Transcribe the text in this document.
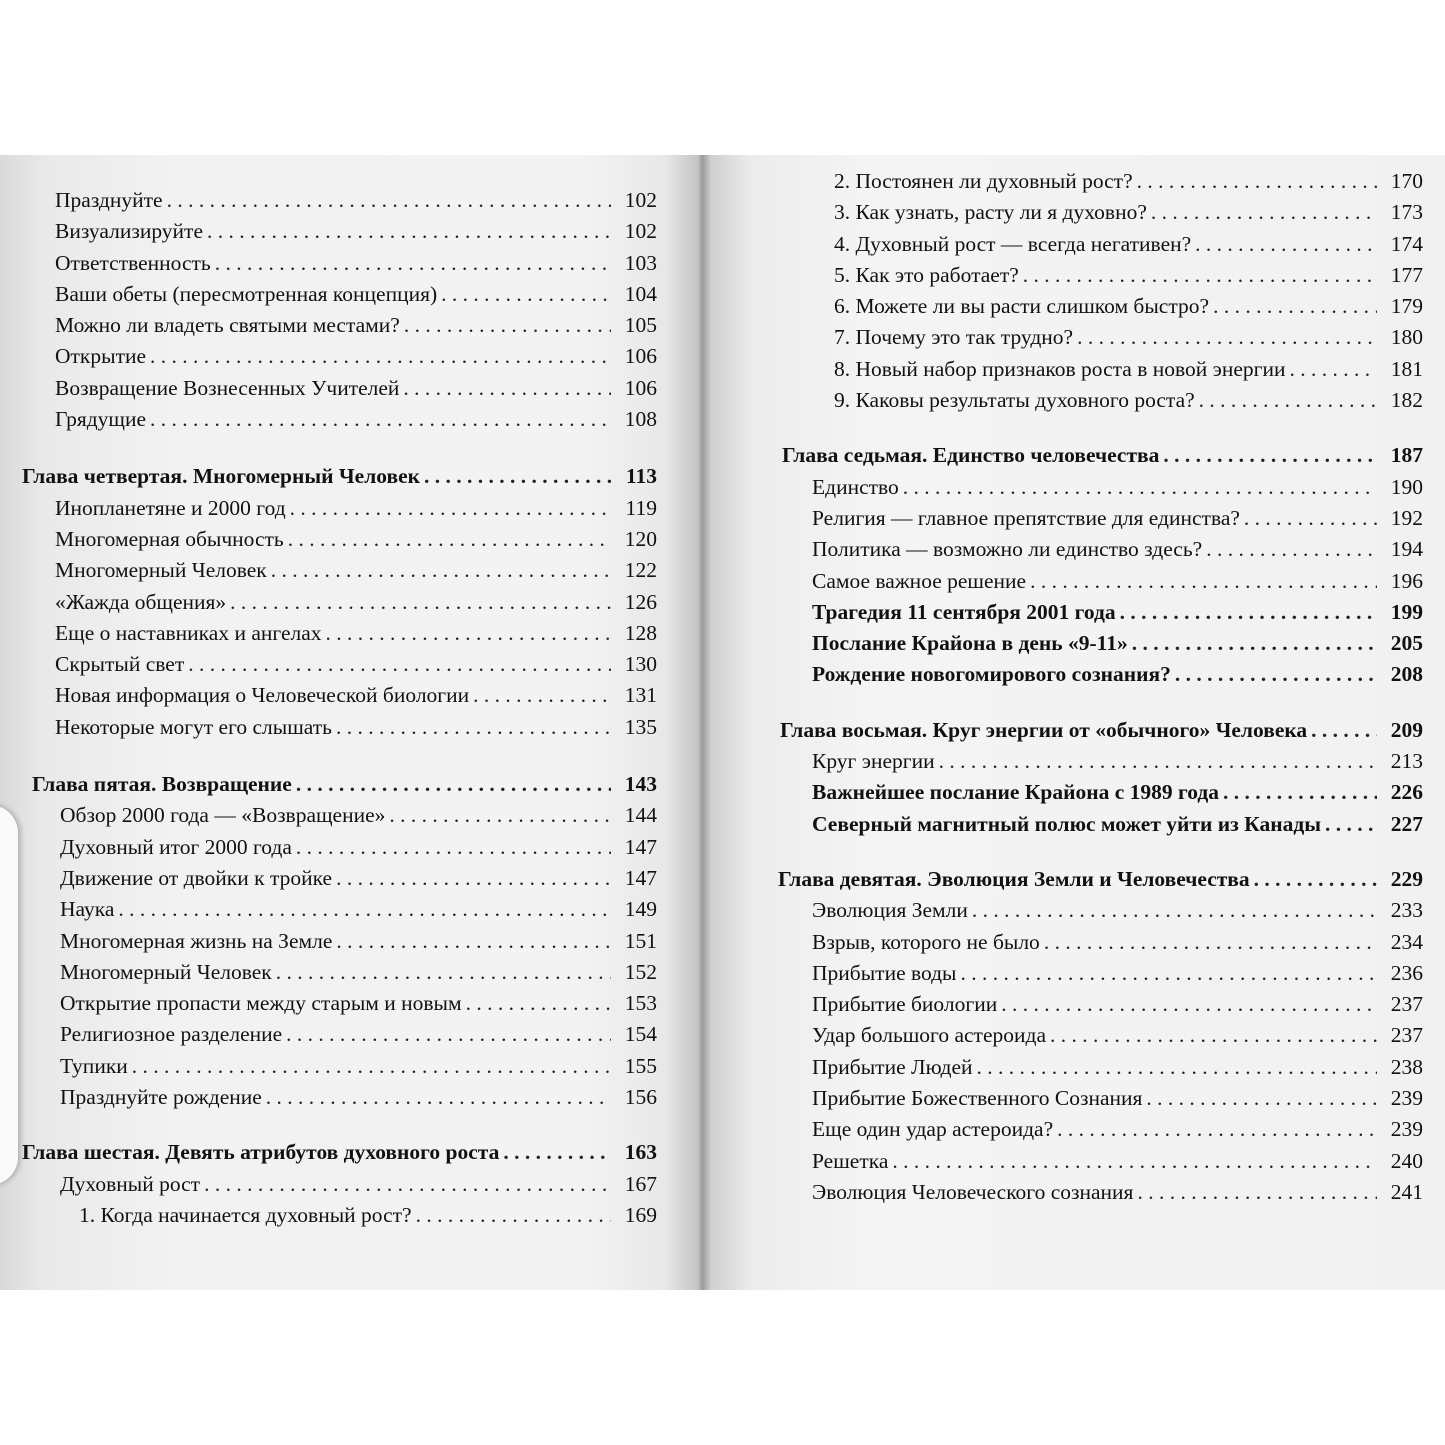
Празднуйте . . .	102
Визуализируйте . . .	102
Ответственность . . .	103
Ваши обеты (пересмотренная концепция) . . .	104
Можно ли владеть святыми местами? . . .	105
Открытие . . .	106
Возвращение Вознесенных Учителей . . .	106
Грядущие . . .	108
Глава четвертая. Многомерный Человек . . .	113
Инопланетяне и 2000 год . . .	119
Многомерная обычность . . .	120
Многомерный Человек . . .	122
«Жажда общения» . . .	126
Еще о наставниках и ангелах . . .	128
Скрытый свет . . .	130
Новая информация о Человеческой биологии . . .	131
Некоторые могут его слышать . . .	135
Глава пятая. Возвращение . . .	143
Обзор 2000 года — «Возвращение» . . .	144
Духовный итог 2000 года . . .	147
Движение от двойки к тройке . . .	147
Наука . . .	149
Многомерная жизнь на Земле . . .	151
Многомерный Человек . . .	152
Открытие пропасти между старым и новым . . .	153
Религиозное разделение . . .	154
Тупики . . .	155
Празднуйте рождение . . .	156
Глава шестая. Девять атрибутов духовного роста . . .	163
Духовный рост . . .	167
1. Когда начинается духовный рост? . . .	169
2. Постоянен ли духовный рост? . . .	170
3. Как узнать, расту ли я духовно? . . .	173
4. Духовный рост — всегда негативен? . . .	174
5. Как это работает? . . .	177
6. Можете ли вы расти слишком быстро? . . .	179
7. Почему это так трудно? . . .	180
8. Новый набор признаков роста в новой энергии . . .	181
9. Каковы результаты духовного роста? . . .	182
Глава седьмая. Единство человечества . . .	187
Единство . . .	190
Религия — главное препятствие для единства? . . .	192
Политика — возможно ли единство здесь? . . .	194
Самое важное решение . . .	196
Трагедия 11 сентября 2001 года . . .	199
Послание Крайона в день «9-11» . . .	205
Рождение новогомирового сознания? . . .	208
Глава восьмая. Круг энергии от «обычного» Человека . . .	209
Круг энергии . . .	213
Важнейшее послание Крайона с 1989 года . . .	226
Северный магнитный полюс может уйти из Канады . . .	227
Глава девятая. Эволюция Земли и Человечества . . .	229
Эволюция Земли . . .	233
Взрыв, которого не было . . .	234
Прибытие воды . . .	236
Прибытие биологии . . .	237
Удар большого астероида . . .	237
Прибытие Людей . . .	238
Прибытие Божественного Сознания . . .	239
Еще один удар астероида? . . .	239
Решетка . . .	240
Эволюция Человеческого сознания . . .	241
